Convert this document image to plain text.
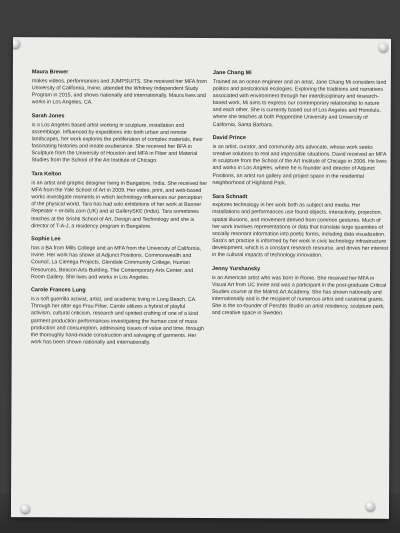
Maura Brewer

makes videos, performances and JUMPSUITS. She received her MFA from University of California, Irvine, attended the Whitney Independent Study Program in 2015, and shows nationally and internationally. Maura lives and works in Los Angeles, CA.

Sarah Jones

is a Los Angeles based artist working in sculpture, installation and assemblage. Influenced by expeditions into both urban and remote landscapes, her work explores the proliferation of complex materials, their fascinating histories and innate exuberance. She received her BFA in Sculpture from the University of Houston and MFA in Fiber and Material Studies from the School of the Art Institute of Chicago.

Tara Kelton

is an artist and graphic designer living in Bangalore, India. She received her MFA from the Yale School of Art in 2009. Her video, print, and web-based works investigate moments in which technology influences our perception of the physical world. Tara has had solo exhibitions of her work at Banner Repeater + er-bills.com (UK) and at GallerySKE (India). Tara sometimes teaches at the Srishti School of Art, Design and Technology and she is director of T-A-J, a residency program in Bangalore.

Sophie Lee

has a BA from Mills College and an MFA from the University of California, Irvine. Her work has shown at Adjunct Positions, Commonwealth and Council, La Cienega Projects, Glendale Community College, Human Resources, Beacon Arts Building, The Contemporary Arts Center, and Room Gallery. She lives and works in Los Angeles.

Carole Frances Lung

is a soft guerrilla activist, artist, and academic living in Long Beach, CA. Through her alter ego Frau Fiber, Carole utilizes a hybrid of playful activism, cultural criticism, research and spirited crafting of one of a kind garment production performances investigating the human cost of mass production and consumption, addressing issues of value and time, through the thoroughly hand-made construction and salvaging of garments. Her work has been shown nationally and internationally.

Jane Chang Mi

Trained as an ocean engineer and an artist, Jane Chang Mi considers land politics and postcolonial ecologies. Exploring the traditions and narratives associated with environment through her interdisciplinary and research-based work, Mi aims to express our contemporary relationship to nature and each other. She is currently based out of Los Angeles and Honolulu, where she teaches at both Pepperdine University and University of California, Santa Barbara.

David Prince

is an artist, curator, and community arts advocate, whose work seeks creative solutions to real and impossible situations. David received an MFA in sculpture from the School of the Art Institute of Chicago in 2006. He lives and works in Los Angeles, where he is founder and director of Adjunct Positions, an artist run gallery and project space in the residential neighborhood of Highland Park.

Sara Schnadt

explores technology in her work both as subject and media. Her installations and performances use found objects, interactivity, projection, spatial illusions, and movement derived from common gestures. Much of her work involves representations or data that translate large quantities of socially resonant information into poetic forms, including data visualization. Sara's art practice is informed by her work in civic technology infrastructure development, which is a constant research resource, and drives her interest in the cultural impacts of technology innovation.

Jenny Yurshansky

is an American artist who was born in Rome. She received her MFA in Visual Art from UC Irvine and was a participant in the post-graduate Critical Studies course at the Malmö Art Academy. She has shown nationally and internationally and is the recipient of numerous artist and curatorial grants. She is the co-founder of Pershto Studio an artist residency, sculpture park, and creative space in Sweden.
